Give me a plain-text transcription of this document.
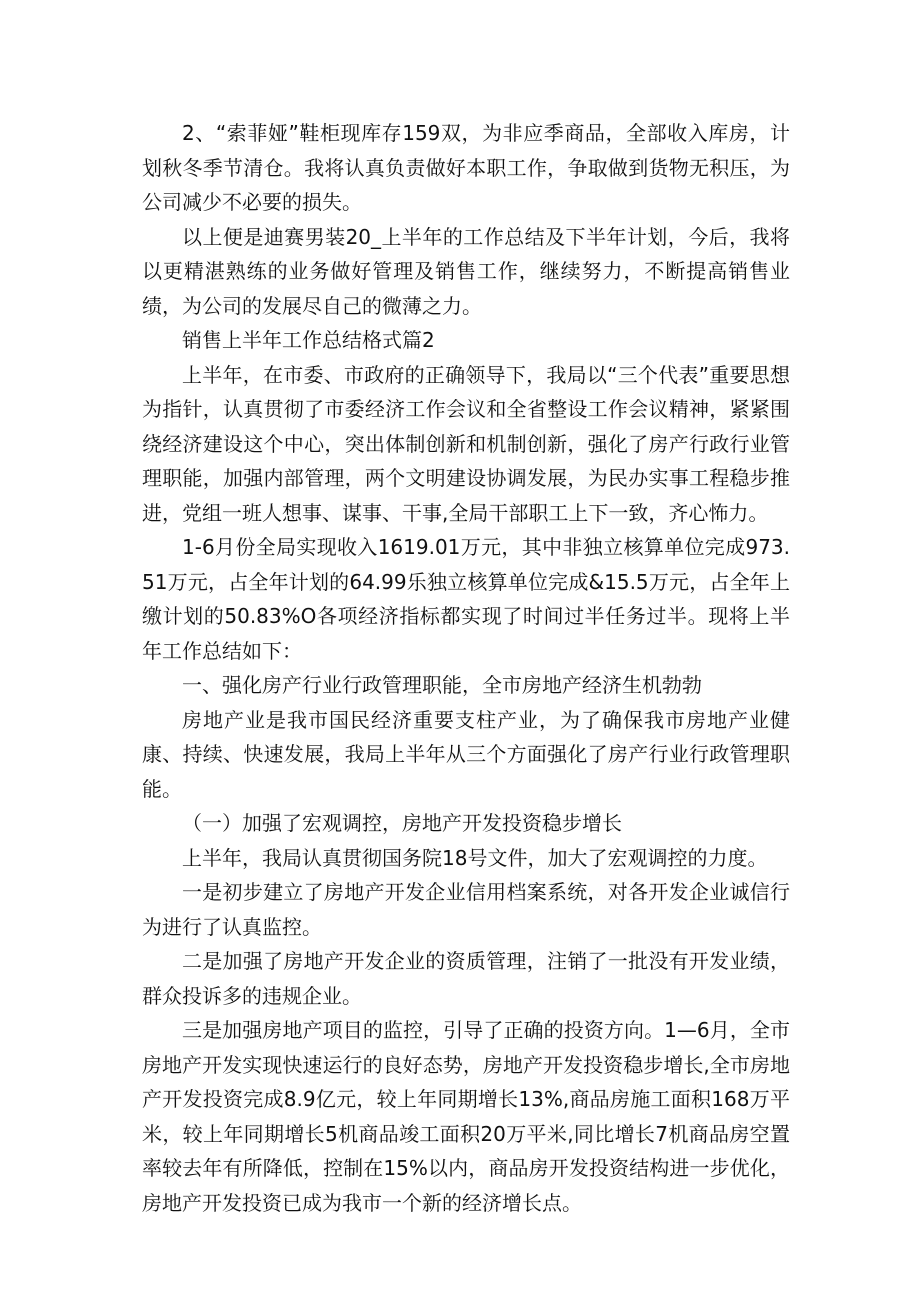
2、“索菲娅”鞋柜现库存159双，为非应季商品，全部收入库房，计划秋冬季节清仓。我将认真负责做好本职工作，争取做到货物无积压，为公司减少不必要的损失。

以上便是迪赛男装20_上半年的工作总结及下半年计划，今后，我将以更精湛熟练的业务做好管理及销售工作，继续努力，不断提高销售业绩，为公司的发展尽自己的微薄之力。

销售上半年工作总结格式篇2

上半年，在市委、市政府的正确领导下，我局以“三个代表”重要思想为指针，认真贯彻了市委经济工作会议和全省整设工作会议精神，紧紧围绕经济建设这个中心，突出体制创新和机制创新，强化了房产行政行业管理职能，加强内部管理，两个文明建设协调发展，为民办实事工程稳步推进，党组一班人想事、谋事、干事,全局干部职工上下一致，齐心怖力。

1-6月份全局实现收入1619.01万元，其中非独立核算单位完成973.51万元，占全年计划的64.99乐独立核算单位完成&15.5万元，占全年上缴计划的50.83%O各项经济指标都实现了时间过半任务过半。现将上半年工作总结如下：

一、强化房产行业行政管理职能，全市房地产经济生机勃勃

房地产业是我市国民经济重要支柱产业，为了确保我市房地产业健康、持续、快速发展，我局上半年从三个方面强化了房产行业行政管理职能。

（一）加强了宏观调控，房地产开发投资稳步增长

上半年，我局认真贯彻国务院18号文件，加大了宏观调控的力度。

一是初步建立了房地产开发企业信用档案系统，对各开发企业诚信行为进行了认真监控。

二是加强了房地产开发企业的资质管理，注销了一批没有开发业绩，群众投诉多的违规企业。

三是加强房地产项目的监控，引导了正确的投资方向。1—6月，全市房地产开发实现快速运行的良好态势，房地产开发投资稳步增长,全市房地产开发投资完成8.9亿元，较上年同期增长13%,商品房施工面积168万平米，较上年同期增长5机商品竣工面积20万平米,同比增长7机商品房空置率较去年有所降低，控制在15%以内，商品房开发投资结构进一步优化，房地产开发投资已成为我市一个新的经济增长点。
